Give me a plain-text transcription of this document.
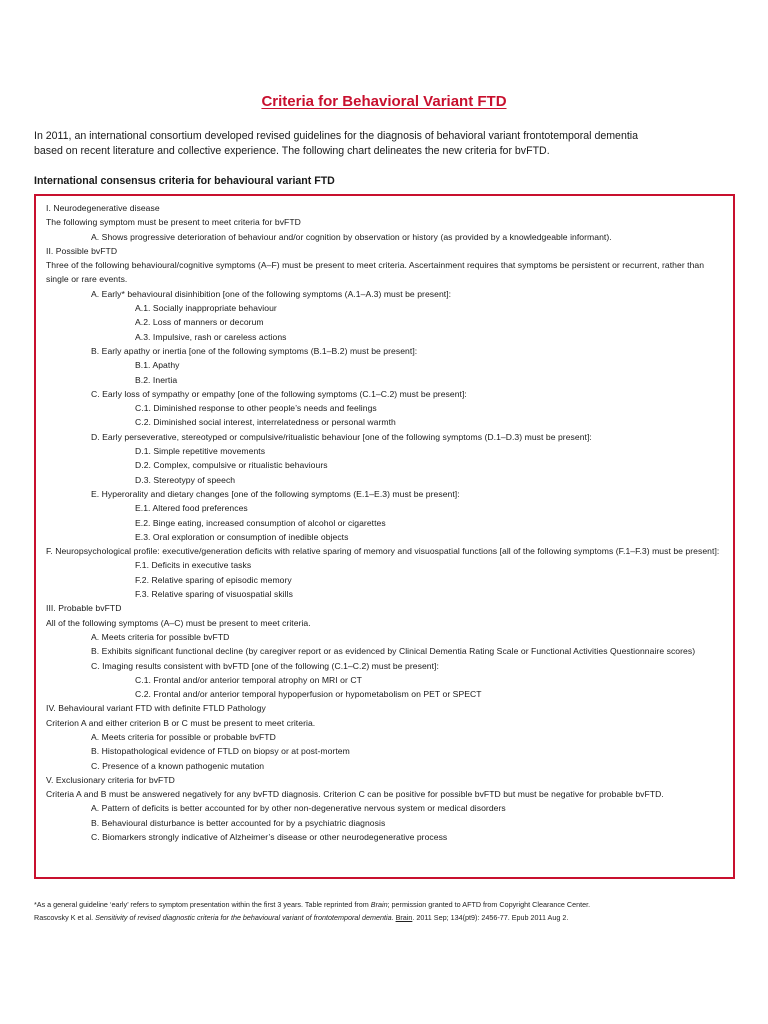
Criteria for Behavioral Variant FTD

In 2011, an international consortium developed revised guidelines for the diagnosis of behavioral variant frontotemporal dementia

based on recent literature and collective experience. The following chart delineates the new criteria for bvFTD.

International consensus criteria for behavioural variant FTD
I. Neurodegenerative disease
The following symptom must be present to meet criteria for bvFTD
A. Shows progressive deterioration of behaviour and/or cognition by observation or history (as provided by a knowledgeable informant).
II. Possible bvFTD
Three of the following behavioural/cognitive symptoms (A–F) must be present to meet criteria. Ascertainment requires that symptoms be persistent or recurrent, rather than single or rare events.
A. Early* behavioural disinhibition [one of the following symptoms (A.1–A.3) must be present]:
A.1. Socially inappropriate behaviour
A.2. Loss of manners or decorum
A.3. Impulsive, rash or careless actions
B. Early apathy or inertia [one of the following symptoms (B.1–B.2) must be present]:
B.1. Apathy
B.2. Inertia
C. Early loss of sympathy or empathy [one of the following symptoms (C.1–C.2) must be present]:
C.1. Diminished response to other people’s needs and feelings
C.2. Diminished social interest, interrelatedness or personal warmth
D. Early perseverative, stereotyped or compulsive/ritualistic behaviour [one of the following symptoms (D.1–D.3) must be present]:
D.1. Simple repetitive movements
D.2. Complex, compulsive or ritualistic behaviours
D.3. Stereotypy of speech
E. Hyperorality and dietary changes [one of the following symptoms (E.1–E.3) must be present]:
E.1. Altered food preferences
E.2. Binge eating, increased consumption of alcohol or cigarettes
E.3. Oral exploration or consumption of inedible objects
F. Neuropsychological profile: executive/generation deficits with relative sparing of memory and visuospatial functions [all of the following symptoms (F.1–F.3) must be present]:
F.1. Deficits in executive tasks
F.2. Relative sparing of episodic memory
F.3. Relative sparing of visuospatial skills
III. Probable bvFTD
All of the following symptoms (A–C) must be present to meet criteria.
A. Meets criteria for possible bvFTD
B. Exhibits significant functional decline (by caregiver report or as evidenced by Clinical Dementia Rating Scale or Functional Activities Questionnaire scores)
C. Imaging results consistent with bvFTD [one of the following (C.1–C.2) must be present]:
C.1. Frontal and/or anterior temporal atrophy on MRI or CT
C.2. Frontal and/or anterior temporal hypoperfusion or hypometabolism on PET or SPECT
IV. Behavioural variant FTD with definite FTLD Pathology
Criterion A and either criterion B or C must be present to meet criteria.
A. Meets criteria for possible or probable bvFTD
B. Histopathological evidence of FTLD on biopsy or at post-mortem
C. Presence of a known pathogenic mutation
V. Exclusionary criteria for bvFTD
Criteria A and B must be answered negatively for any bvFTD diagnosis. Criterion C can be positive for possible bvFTD but must be negative for probable bvFTD.
A. Pattern of deficits is better accounted for by other non-degenerative nervous system or medical disorders
B. Behavioural disturbance is better accounted for by a psychiatric diagnosis
C. Biomarkers strongly indicative of Alzheimer’s disease or other neurodegenerative process

*As a general guideline ‘early’ refers to symptom presentation within the first 3 years. Table reprinted from Brain; permission granted to AFTD from Copyright Clearance Center.

Rascovsky K et al. Sensitivity of revised diagnostic criteria for the behavioural variant of frontotemporal dementia. Brain. 2011 Sep; 134(pt9): 2456-77. Epub 2011 Aug 2.
